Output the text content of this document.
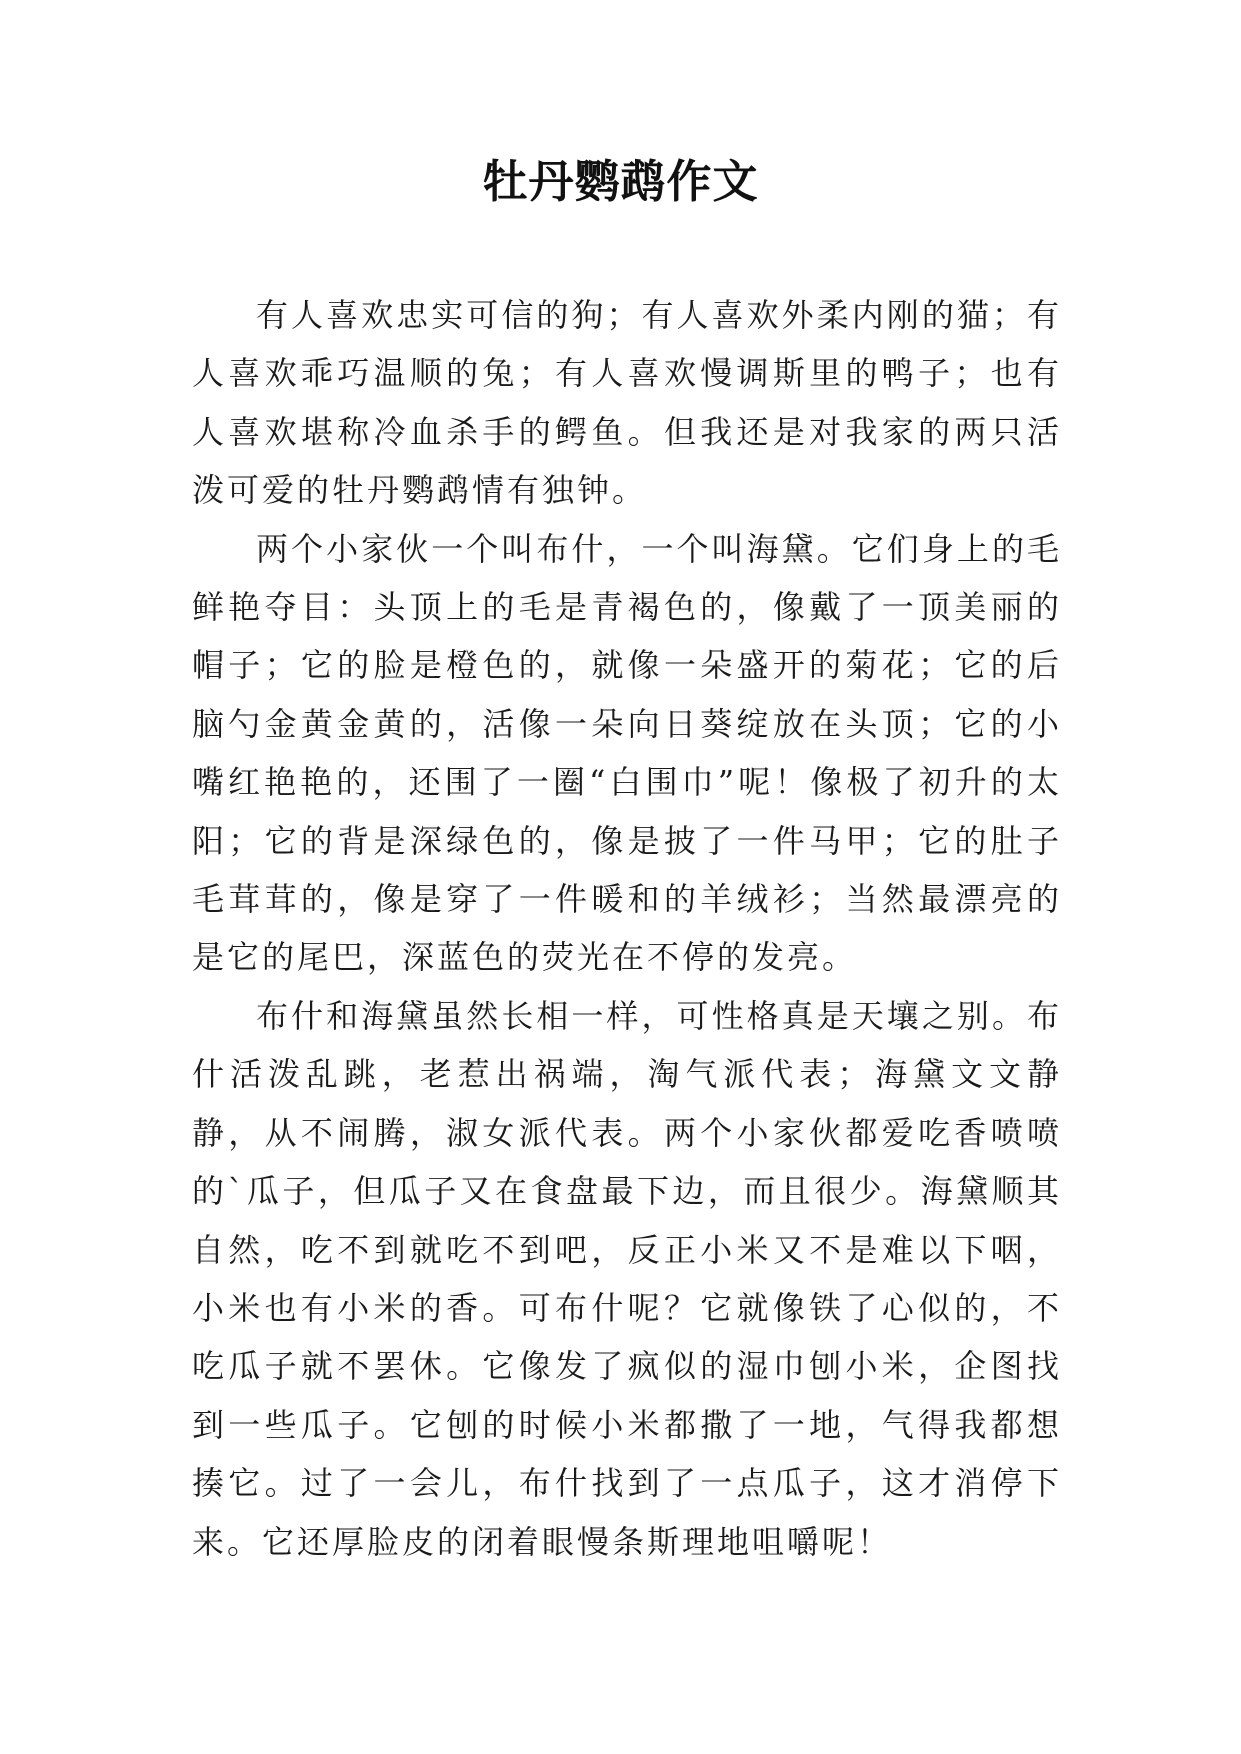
牡丹鹦鹉作文

有人喜欢忠实可信的狗；有人喜欢外柔内刚的猫；有人喜欢乖巧温顺的兔；有人喜欢慢调斯里的鸭子；也有人喜欢堪称冷血杀手的鳄鱼。但我还是对我家的两只活泼可爱的牡丹鹦鹉情有独钟。

两个小家伙一个叫布什，一个叫海黛。它们身上的毛鲜艳夺目：头顶上的毛是青褐色的，像戴了一顶美丽的帽子；它的脸是橙色的，就像一朵盛开的菊花；它的后脑勺金黄金黄的，活像一朵向日葵绽放在头顶；它的小嘴红艳艳的，还围了一圈“白围巾”呢！像极了初升的太阳；它的背是深绿色的，像是披了一件马甲；它的肚子毛茸茸的，像是穿了一件暖和的羊绒衫；当然最漂亮的是它的尾巴，深蓝色的荧光在不停的发亮。

布什和海黛虽然长相一样，可性格真是天壤之别。布什活泼乱跳，老惹出祸端，淘气派代表；海黛文文静静，从不闹腾，淑女派代表。两个小家伙都爱吃香喷喷的`瓜子，但瓜子又在食盘最下边，而且很少。海黛顺其自然，吃不到就吃不到吧，反正小米又不是难以下咽，小米也有小米的香。可布什呢？它就像铁了心似的，不吃瓜子就不罢休。它像发了疯似的湿巾刨小米，企图找到一些瓜子。它刨的时候小米都撒了一地，气得我都想揍它。过了一会儿，布什找到了一点瓜子，这才消停下来。它还厚脸皮的闭着眼慢条斯理地咀嚼呢！
